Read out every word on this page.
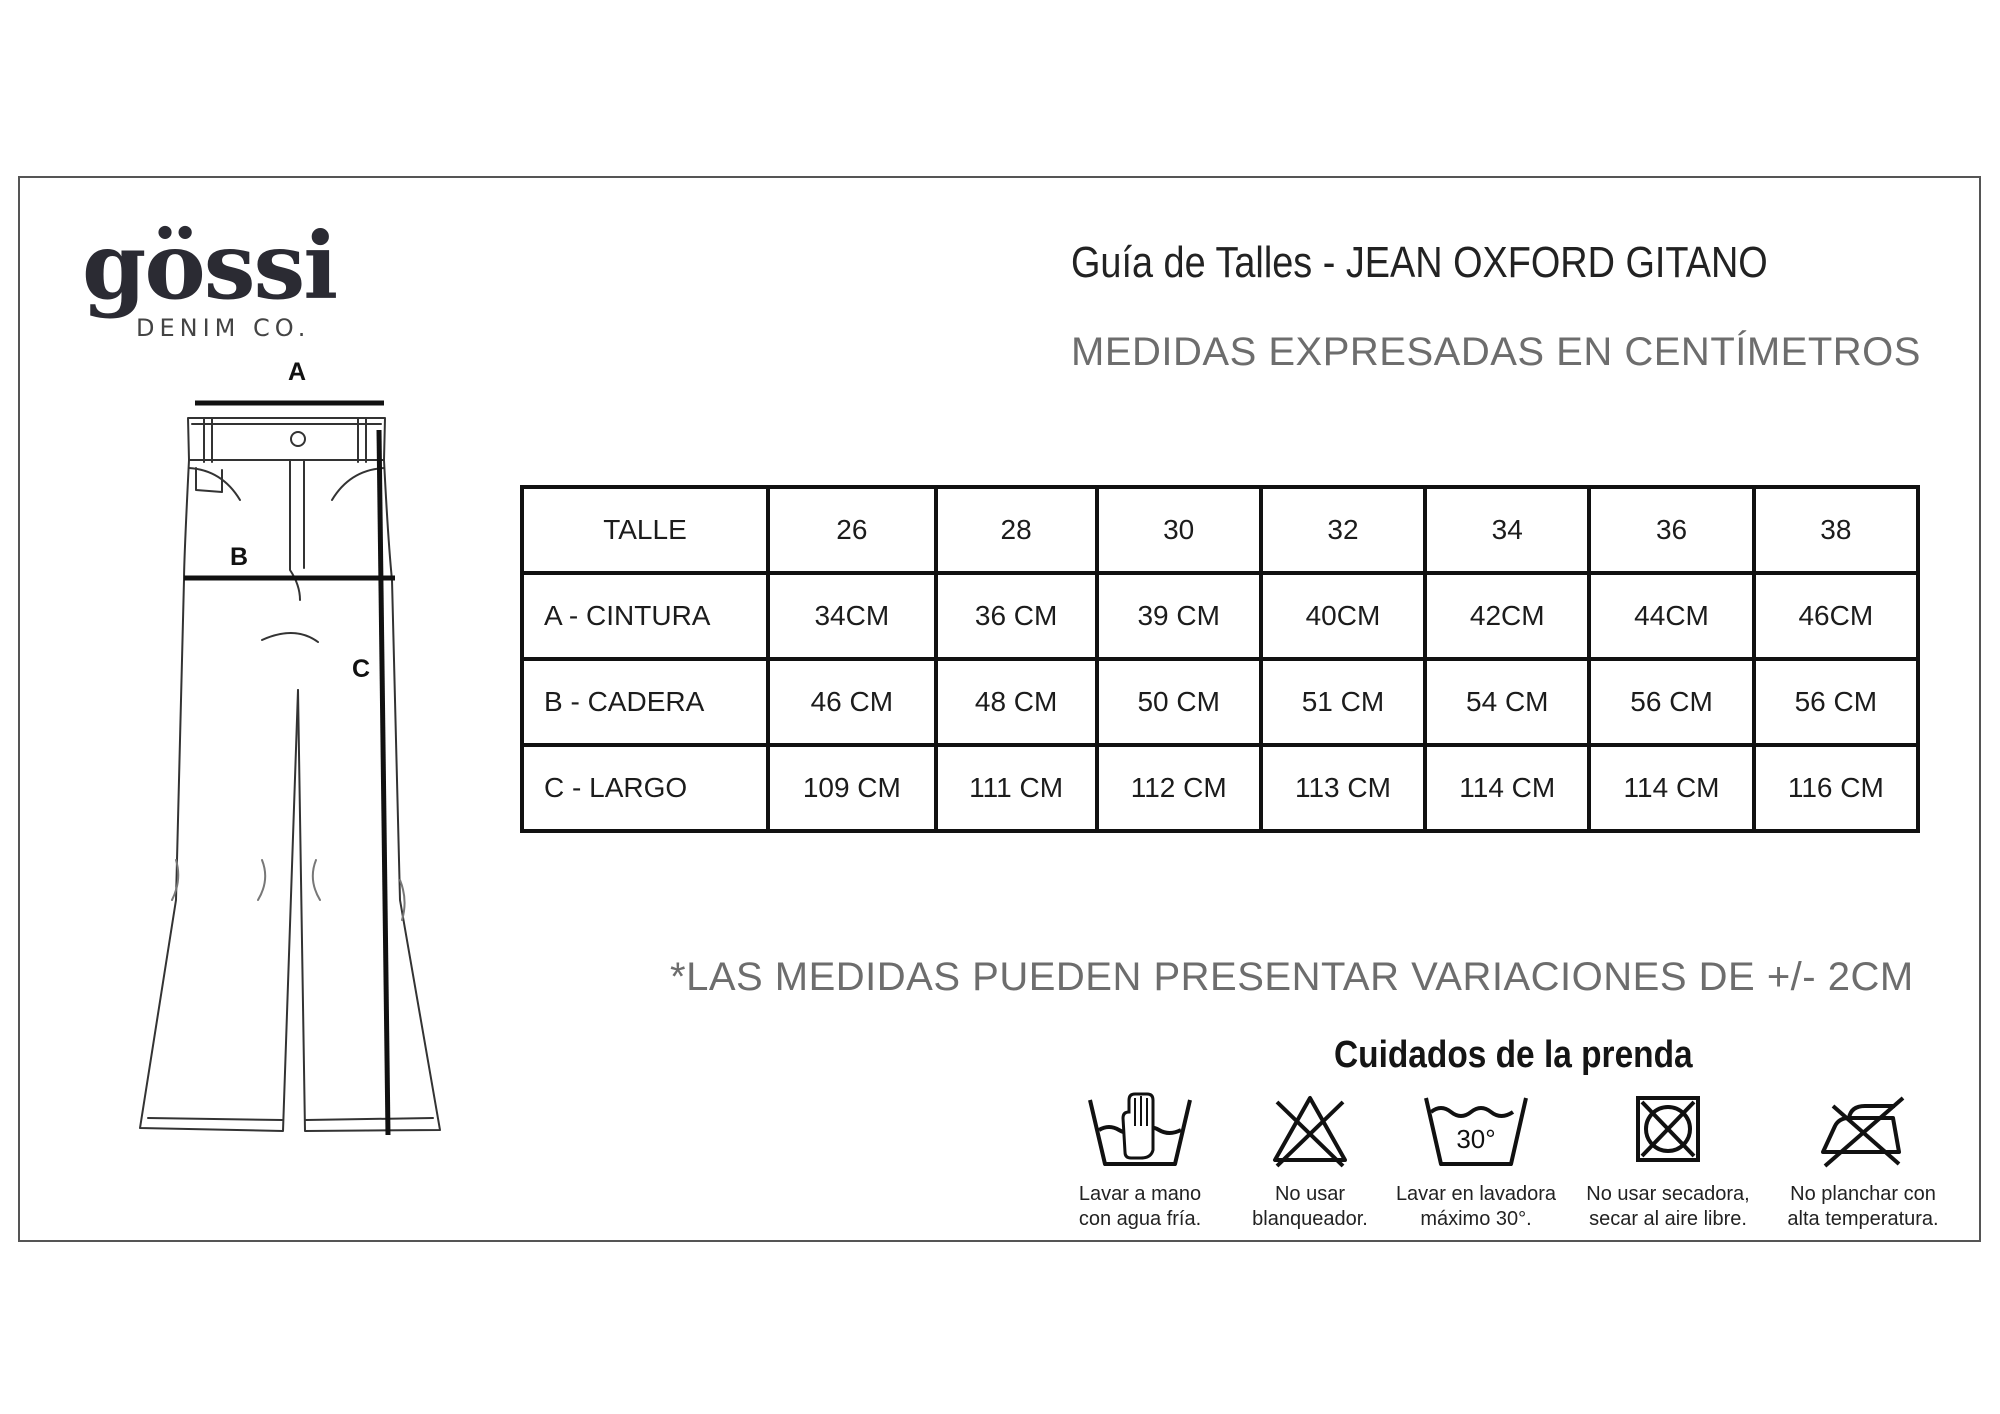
gössi
DENIM CO.
A
B
C
Guía de Talles - JEAN OXFORD GITANO
MEDIDAS EXPRESADAS EN CENTÍMETROS
TALLE	26	28	30	32	34	36	38
A - CINTURA	34CM	36 CM	39 CM	40CM	42CM	44CM	46CM
B - CADERA	46 CM	48 CM	50 CM	51 CM	54 CM	56 CM	56 CM
C - LARGO	109 CM	111 CM	112 CM	113 CM	114 CM	114 CM	116 CM
*LAS MEDIDAS PUEDEN PRESENTAR VARIACIONES DE +/- 2CM
Cuidados de la prenda
Lavar a mano
con agua fría.
No usar
blanqueador.
30°
Lavar en lavadora
máximo 30°.
No usar secadora,
secar al aire libre.
No planchar con
alta temperatura.
